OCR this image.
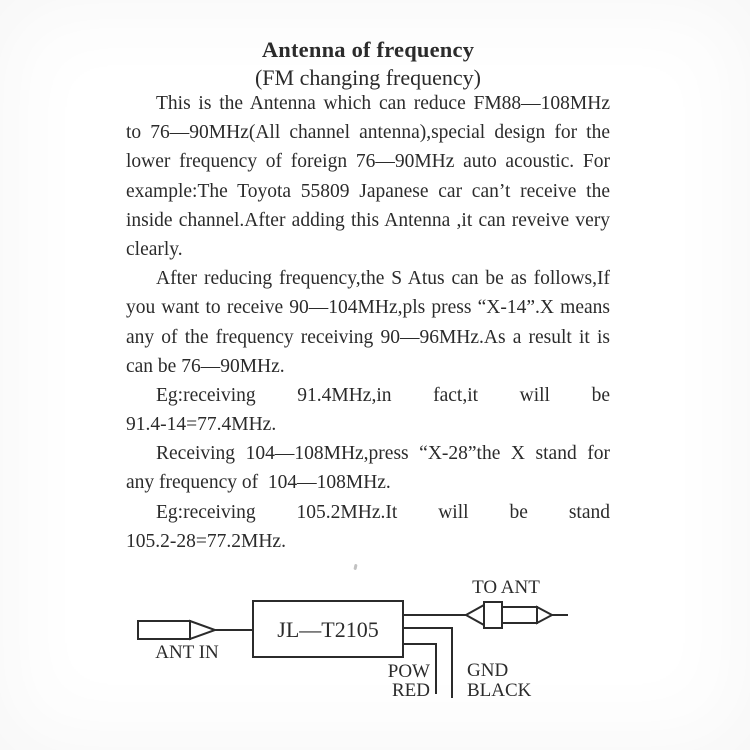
Antenna of frequency
(FM changing frequency)
This is the Antenna which can reduce FM88—108MHz
to 76—90MHz(All channel antenna),special design for the
lower frequency of foreign 76—90MHz auto acoustic. For
example:The Toyota 55809 Japanese car can’t receive the
inside channel.After adding this Antenna ,it can reveive very
clearly.
After reducing frequency,the S Atus can be as follows,If
you want to receive 90—104MHz,pls press “X-14”.X means
any of the frequency receiving 90—96MHz.As a result it is
can be 76—90MHz.
Eg:receiving 91.4MHz,in fact,it will be
91.4-14=77.4MHz.
Receiving 104—108MHz,press “X-28”the X stand for
any frequency of  104—108MHz.
Eg:receiving 105.2MHz.It will be stand
105.2-28=77.2MHz.
JL—T2105
TO ANT
ANT IN
POW
RED
GND
BLACK
